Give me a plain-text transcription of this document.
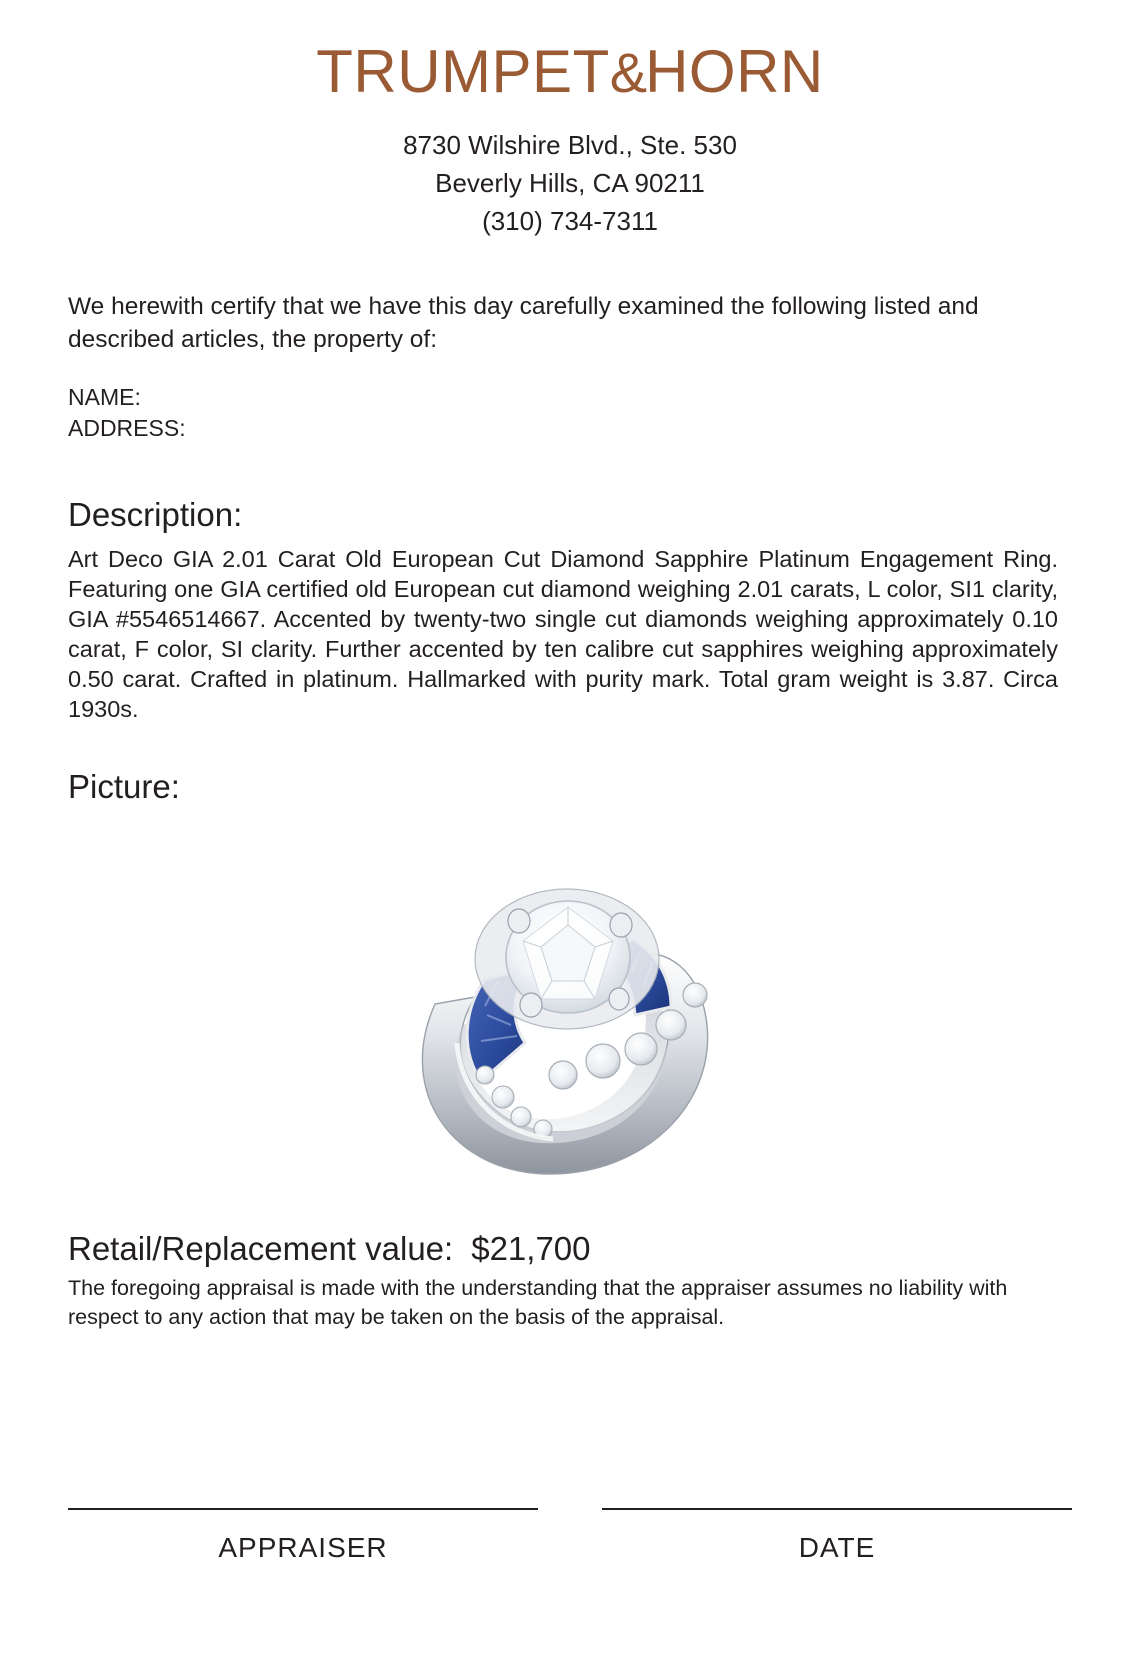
TRUMPET&HORN
8730 Wilshire Blvd., Ste. 530
Beverly Hills, CA 90211
(310) 734-7311
We herewith certify that we have this day carefully examined the following listed and described articles, the property of:
NAME:
ADDRESS:
Description:
Art Deco GIA 2.01 Carat Old European Cut Diamond Sapphire Platinum Engagement Ring. Featuring one GIA certified old European cut diamond weighing 2.01 carats, L color, SI1 clarity, GIA #5546514667. Accented by twenty-two single cut diamonds weighing approximately 0.10 carat, F color, SI clarity. Further accented by ten calibre cut sapphires weighing approximately 0.50 carat. Crafted in platinum. Hallmarked with purity mark. Total gram weight is 3.87. Circa 1930s.
Picture:
Retail/Replacement value: $21,700
The foregoing appraisal is made with the understanding that the appraiser assumes no liability with respect to any action that may be taken on the basis of the appraisal.
APPRAISER	DATE
